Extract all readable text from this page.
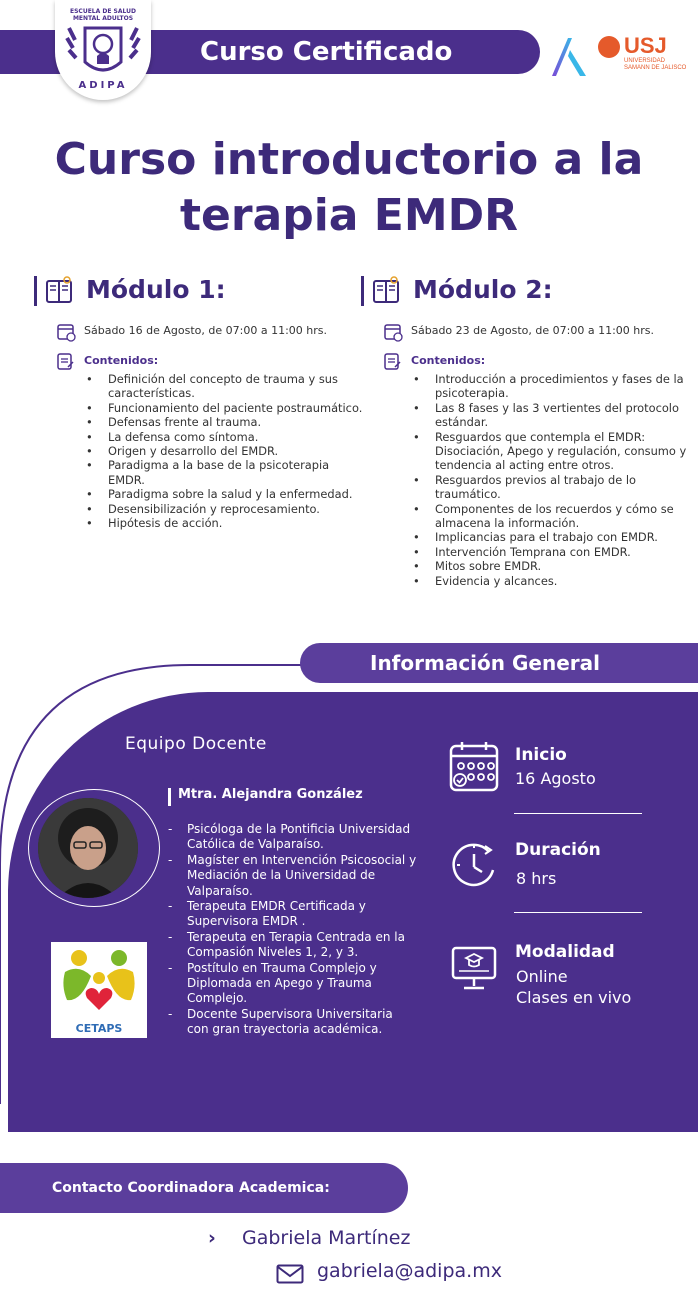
Curso Certificado
ESCUELA DE SALUD MENTAL ADULTOS
ADIPA
USJ
UNIVERSIDAD SAMANN DE JALISCO
Curso introductorio a la
terapia EMDR
Módulo 1:
Sábado 16 de Agosto, de 07:00 a 11:00 hrs.
Contenidos:
• Definición del concepto de trauma y sus características.
• Funcionamiento del paciente postraumático.
• Defensas frente al trauma.
• La defensa como síntoma.
• Origen y desarrollo del EMDR.
• Paradigma a la base de la psicoterapia EMDR.
• Paradigma sobre la salud y la enfermedad.
• Desensibilización y reprocesamiento.
• Hipótesis de acción.
Módulo 2:
Sábado 23 de Agosto, de 07:00 a 11:00 hrs.
Contenidos:
• Introducción a procedimientos y fases de la psicoterapia.
• Las 8 fases y las 3 vertientes del protocolo estándar.
• Resguardos que contempla el EMDR: Disociación, Apego y regulación, consumo y tendencia al acting entre otros.
• Resguardos previos al trabajo de lo traumático.
• Componentes de los recuerdos y cómo se almacena la información.
• Implicancias para el trabajo con EMDR.
• Intervención Temprana con EMDR.
• Mitos sobre EMDR.
• Evidencia y alcances.
Información General
Equipo Docente
Mtra. Alejandra González
- Psicóloga de la Pontificia Universidad Católica de Valparaíso.
- Magíster en Intervención Psicosocial y Mediación de la Universidad de Valparaíso.
- Terapeuta EMDR Certificada y Supervisora EMDR .
- Terapeuta en Terapia Centrada en la Compasión Niveles 1, 2, y 3.
- Postítulo en Trauma Complejo y Diplomada en Apego y Trauma Complejo.
- Docente Supervisora Universitaria con gran trayectoria académica.
CETAPS
Inicio
16 Agosto
Duración
8 hrs
Modalidad
Online
Clases en vivo
Contacto Coordinadora Academica:
› Gabriela Martínez
gabriela@adipa.mx
